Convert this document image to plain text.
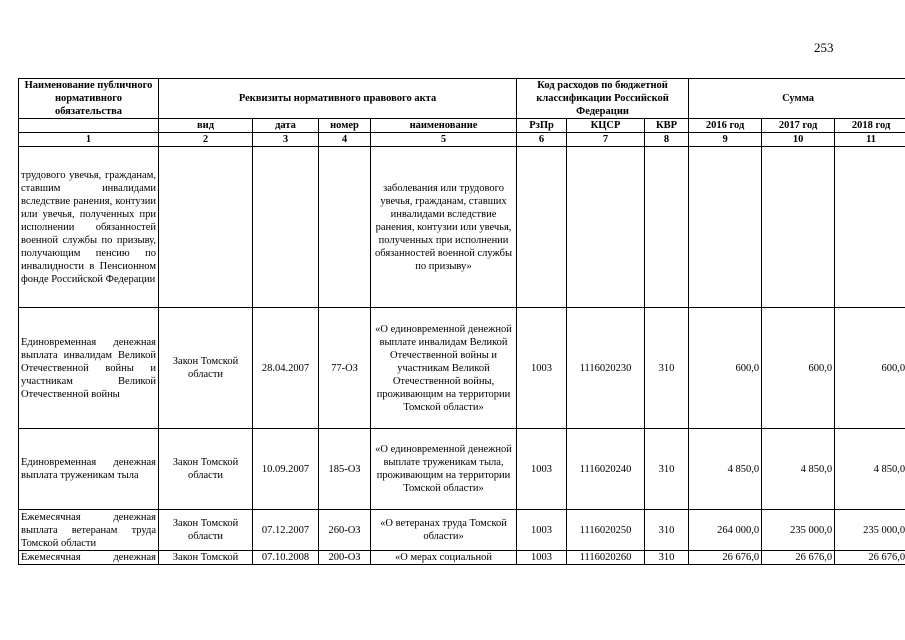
253
Наименование публичного нормативного обязательства	Реквизиты нормативного правового акта				Код расходов по бюджетной классификации Российской Федерации			Сумма		

	вид	дата	номер	наименование	РзПр	КЦСР	КВР	2016 год	2017 год	2018 год
1	2	3	4	5	6	7	8	9	10	11
трудового увечья, гражданам, ставшим инвалидами вследствие ранения, контузии или увечья, полученных при исполнении обязанностей военной службы по призыву, получающим пенсию по инвалидности в Пенсионном фонде Российской Федерации				заболевания или трудового увечья, гражданам, ставших инвалидами вследствие ранения, контузии или увечья, полученных при исполнении обязанностей военной службы по призыву»						
Единовременная денежная выплата инвалидам Великой Отечественной войны и участникам Великой Отечественной войны	Закон Томской области	28.04.2007	77-ОЗ	«О единовременной денежной выплате инвалидам Великой Отечественной войны и участникам Великой Отечественной войны, проживающим на территории Томской области»	1003	1116020230	310	600,0	600,0	600,0
Единовременная денежная выплата труженикам тыла	Закон Томской области	10.09.2007	185-ОЗ	«О единовременной денежной выплате труженикам тыла, проживающим на территории Томской области»	1003	1116020240	310	4 850,0	4 850,0	4 850,0
Ежемесячная денежная выплата ветеранам труда Томской области	Закон Томской области	07.12.2007	260-ОЗ	«О ветеранах труда Томской области»	1003	1116020250	310	264 000,0	235 000,0	235 000,0
Ежемесячная денежная	Закон Томской	07.10.2008	200-ОЗ	«О мерах социальной	1003	1116020260	310	26 676,0	26 676,0	26 676,0
